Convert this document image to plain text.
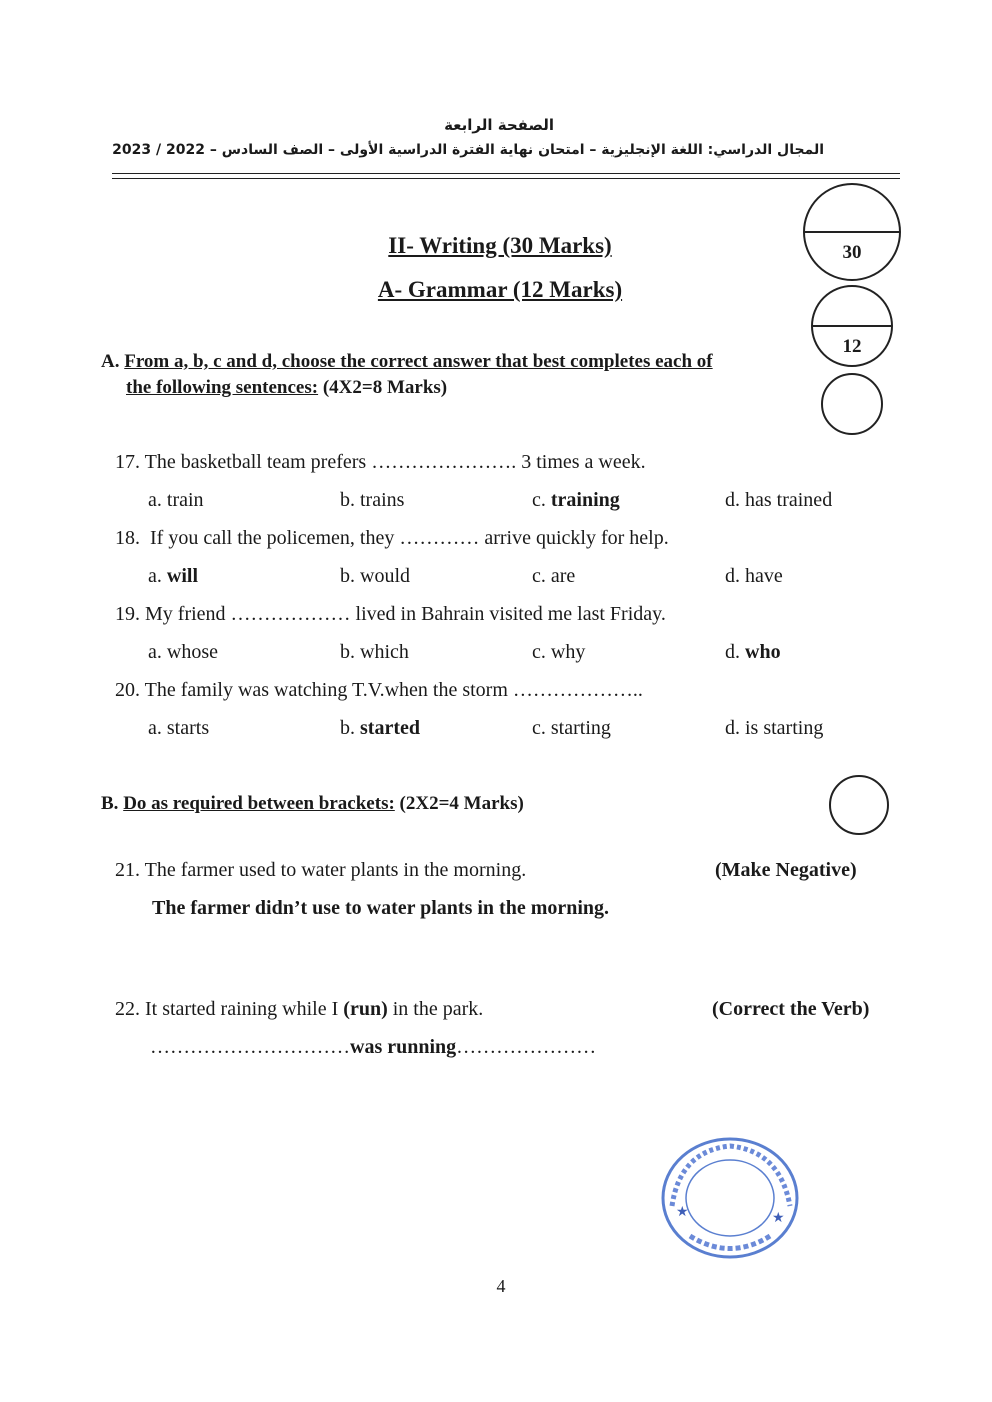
الصفحة الرابعة
المجال الدراسي: اللغة الإنجليزية – امتحان نهاية الفترة الدراسية الأولى – الصف السادس – 2022 / 2023
II- Writing (30 Marks)
A- Grammar (12 Marks)
30
12
A. From a, b, c and d, choose the correct answer that best completes each of
the following sentences: (4X2=8 Marks)
17. The basketball team prefers …………………. 3 times a week.
a. train	b. trains	c. training	d. has trained
18. If you call the policemen, they ………… arrive quickly for help.
a. will	b. would	c. are	d. have
19. My friend ……………… lived in Bahrain visited me last Friday.
a. whose	b. which	c. why	d. who
20. The family was watching T.V.when the storm ………………..
a. starts	b. started	c. starting	d. is starting
B. Do as required between brackets: (2X2=4 Marks)
21. The farmer used to water plants in the morning.	(Make Negative)
The farmer didn’t use to water plants in the morning.
22. It started raining while I (run) in the park.	(Correct the Verb)
…………………………was running…………………
★	★
4
